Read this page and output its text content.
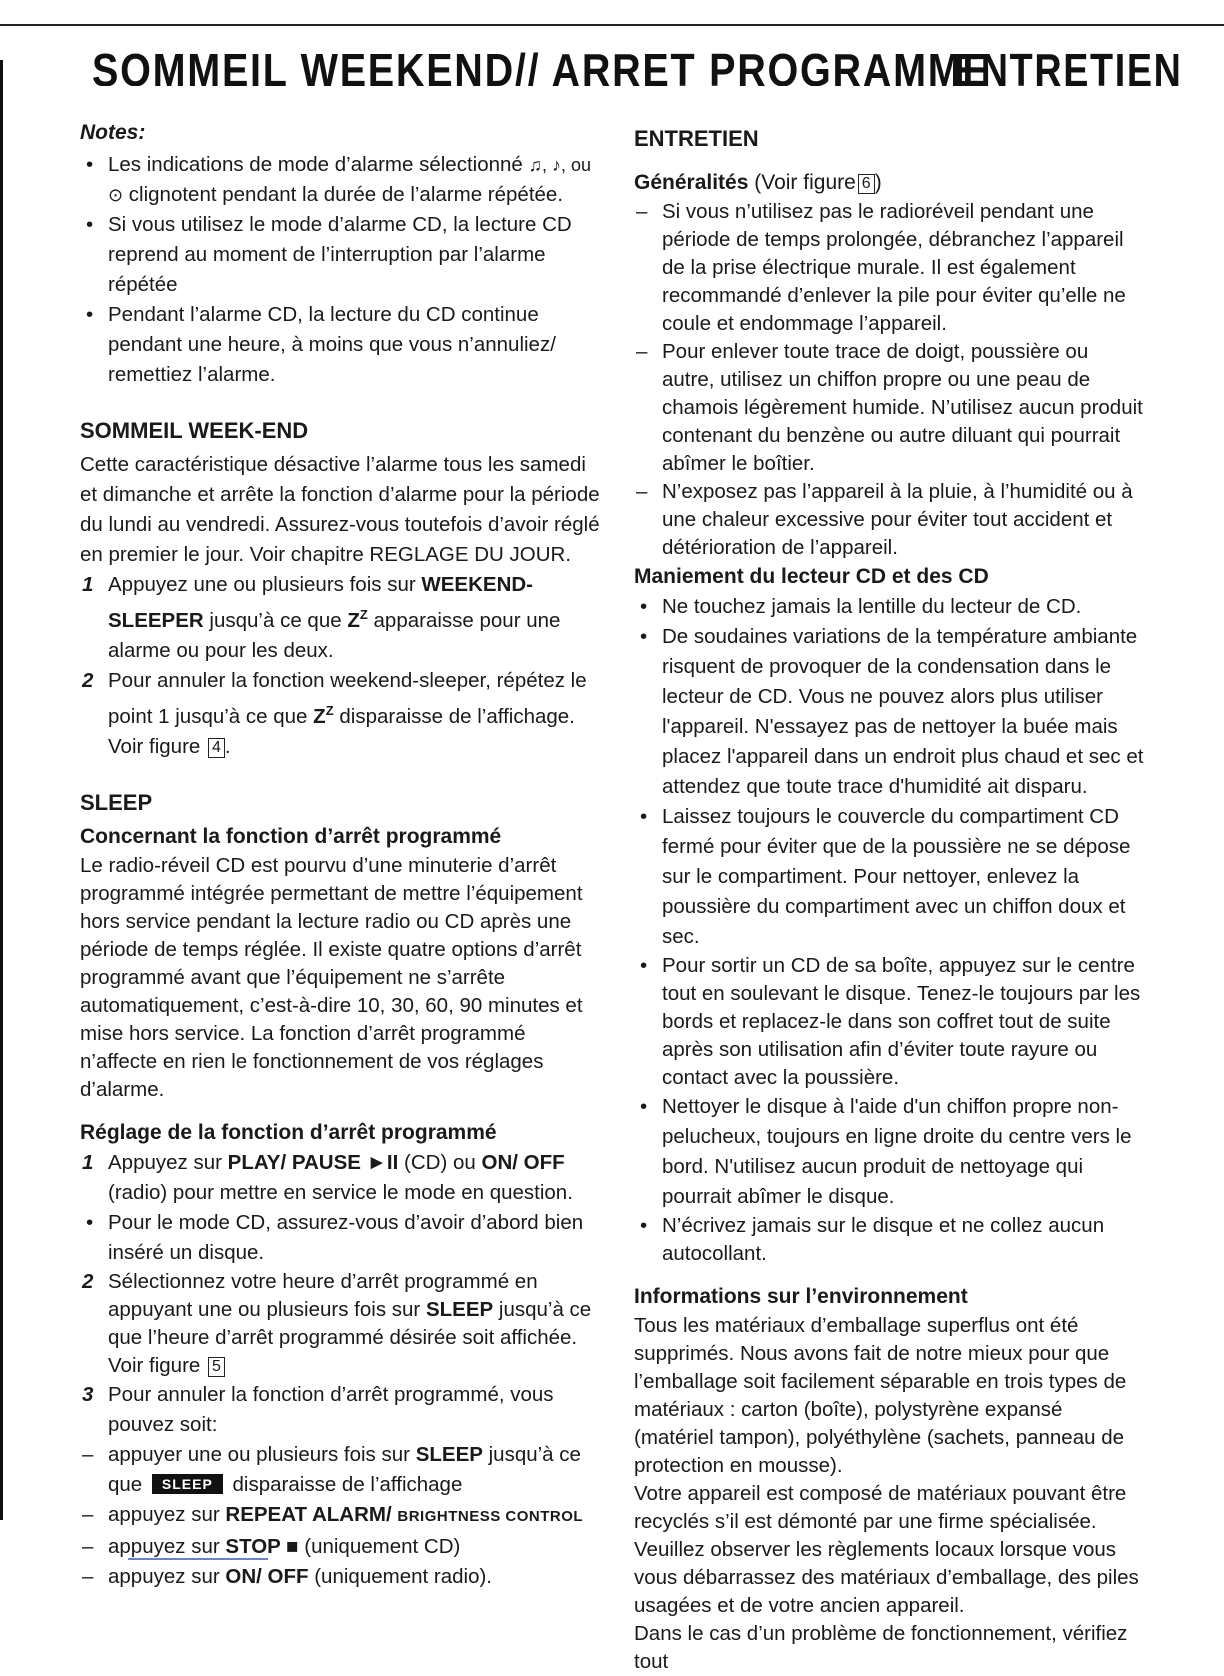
SOMMEIL WEEKEND// ARRET PROGRAMME
ENTRETIEN

Notes:

• Les indications de mode d’alarme sélectionné ♫, ♪, ou
⊙ clignotent pendant la durée de l’alarme répétée.

• Si vous utilisez le mode d’alarme CD, la lecture CD reprend au moment de l’interruption par l’alarme répétée

• Pendant l’alarme CD, la lecture du CD continue pendant une heure, à moins que vous n’annuliez/ remettiez l’alarme.

SOMMEIL WEEK-END

Cette caractéristique désactive l’alarme tous les samedi et dimanche et arrête la fonction d’alarme pour la période du lundi au vendredi. Assurez-vous toutefois d’avoir réglé en premier le jour. Voir chapitre REGLAGE DU JOUR.

1 Appuyez une ou plusieurs fois sur WEEKEND-SLEEPER jusqu’à ce que $Z^Z$ apparaisse pour une alarme ou pour les deux.

2 Pour annuler la fonction weekend-sleeper, répétez le point 1 jusqu’à ce que $Z^Z$ disparaisse de l’affichage. Voir figure 4 .

SLEEP

Concernant la fonction d’arrêt programmé

Le radio-réveil CD est pourvu d’une minuterie d’arrêt programmé intégrée permettant de mettre l’équipement hors service pendant la lecture radio ou CD après une période de temps réglée. Il existe quatre options d’arrêt programmé avant que l’équipement ne s’arrête automatiquement, c’est-à-dire 10, 30, 60, 90 minutes et mise hors service. La fonction d’arrêt programmé n’affecte en rien le fonctionnement de vos réglages d’alarme.

Réglage de la fonction d’arrêt programmé

1 Appuyez sur PLAY/ PAUSE ►II (CD) ou ON/ OFF (radio) pour mettre en service le mode en question.

• Pour le mode CD, assurez-vous d’avoir d’abord bien inséré un disque.

2 Sélectionnez votre heure d’arrêt programmé en appuyant une ou plusieurs fois sur SLEEP jusqu’à ce que l’heure d’arrêt programmé désirée soit affichée. Voir figure 5

3 Pour annuler la fonction d’arrêt programmé, vous pouvez soit:

– appuyer une ou plusieurs fois sur SLEEP jusqu’à ce que SLEEP disparaisse de l’affichage

– appuyez sur REPEAT ALARM/ BRIGHTNESS CONTROL

– appuyez sur STOP ■ (uniquement CD)

– appuyez sur ON/ OFF (uniquement radio).

ENTRETIEN

Généralités (Voir figure 6 )

– Si vous n’utilisez pas le radioréveil pendant une période de temps prolongée, débranchez l’appareil de la prise électrique murale. Il est également recommandé d’enlever la pile pour éviter qu’elle ne coule et endommage l’appareil.

– Pour enlever toute trace de doigt, poussière ou autre, utilisez un chiffon propre ou une peau de chamois légèrement humide. N’utilisez aucun produit contenant du benzène ou autre diluant qui pourrait abîmer le boîtier.

– N’exposez pas l’appareil à la pluie, à l’humidité ou à une chaleur excessive pour éviter tout accident et détérioration de l’appareil.

Maniement du lecteur CD et des CD

• Ne touchez jamais la lentille du lecteur de CD.

• De soudaines variations de la température ambiante risquent de provoquer de la condensation dans le lecteur de CD. Vous ne pouvez alors plus utiliser l'appareil. N'essayez pas de nettoyer la buée mais placez l'appareil dans un endroit plus chaud et sec et attendez que toute trace d'humidité ait disparu.

• Laissez toujours le couvercle du compartiment CD fermé pour éviter que de la poussière ne se dépose sur le compartiment. Pour nettoyer, enlevez la poussière du compartiment avec un chiffon doux et sec.

• Pour sortir un CD de sa boîte, appuyez sur le centre tout en soulevant le disque. Tenez-le toujours par les bords et replacez-le dans son coffret tout de suite après son utilisation afin d’éviter toute rayure ou contact avec la poussière.

• Nettoyer le disque à l'aide d'un chiffon propre non-pelucheux, toujours en ligne droite du centre vers le bord. N'utilisez aucun produit de nettoyage qui pourrait abîmer le disque.

• N’écrivez jamais sur le disque et ne collez aucun autocollant.

Informations sur l’environnement

Tous les matériaux d’emballage superflus ont été supprimés. Nous avons fait de notre mieux pour que l’emballage soit facilement séparable en trois types de matériaux : carton (boîte), polystyrène expansé (matériel tampon), polyéthylène (sachets, panneau de protection en mousse).

Votre appareil est composé de matériaux pouvant être recyclés s’il est démonté par une firme spécialisée. Veuillez observer les règlements locaux lorsque vous vous débarrassez des matériaux d’emballage, des piles usagées et de votre ancien appareil.

Dans le cas d’un problème de fonctionnement, vérifiez tout
